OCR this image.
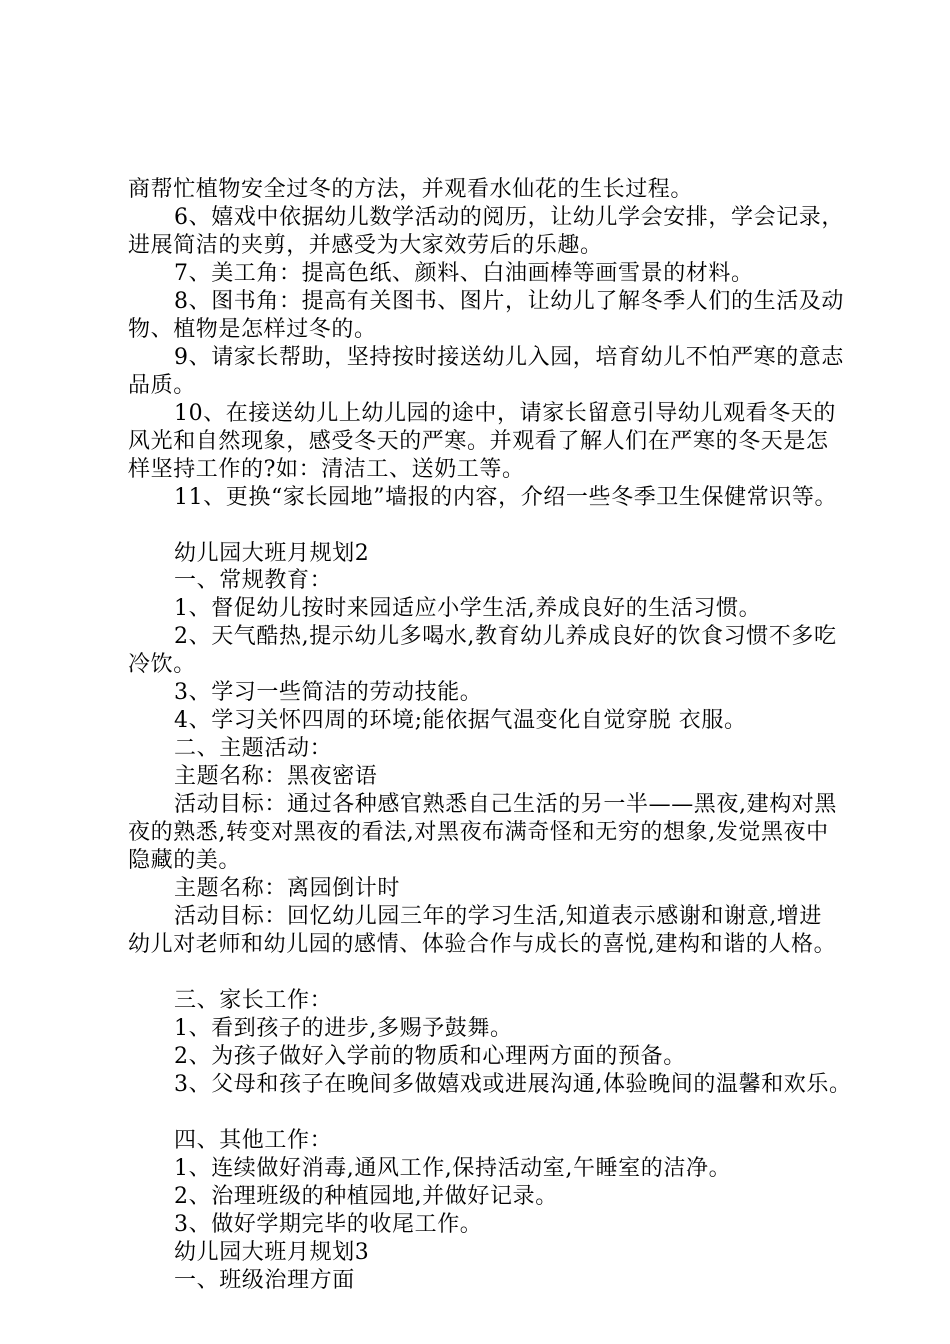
商帮忙植物安全过冬的方法，并观看水仙花的生长过程。
6、嬉戏中依据幼儿数学活动的阅历，让幼儿学会安排，学会记录，
进展简洁的夹剪，并感受为大家效劳后的乐趣。
7、美工角：提高色纸、颜料、白油画棒等画雪景的材料。
8、图书角：提高有关图书、图片，让幼儿了解冬季人们的生活及动
物、植物是怎样过冬的。
9、请家长帮助，坚持按时接送幼儿入园，培育幼儿不怕严寒的意志
品质。
10、在接送幼儿上幼儿园的途中，请家长留意引导幼儿观看冬天的
风光和自然现象，感受冬天的严寒。并观看了解人们在严寒的冬天是怎
样坚持工作的?如：清洁工、送奶工等。
11、更换“家长园地”墙报的内容，介绍一些冬季卫生保健常识等。
幼儿园大班月规划2
一、常规教育：
1、督促幼儿按时来园适应小学生活,养成良好的生活习惯。
2、天气酷热,提示幼儿多喝水,教育幼儿养成良好的饮食习惯不多吃
冷饮。
3、学习一些简洁的劳动技能。
4、学习关怀四周的环境;能依据气温变化自觉穿脱 衣服。
二、主题活动：
主题名称：黑夜密语
活动目标：通过各种感官熟悉自己生活的另一半——黑夜,建构对黑
夜的熟悉,转变对黑夜的看法,对黑夜布满奇怪和无穷的想象,发觉黑夜中
隐藏的美。
主题名称：离园倒计时
活动目标：回忆幼儿园三年的学习生活,知道表示感谢和谢意,增进
幼儿对老师和幼儿园的感情、体验合作与成长的喜悦,建构和谐的人格。
三、家长工作：
1、看到孩子的进步,多赐予鼓舞。
2、为孩子做好入学前的物质和心理两方面的预备。
3、父母和孩子在晚间多做嬉戏或进展沟通,体验晚间的温馨和欢乐。
四、其他工作：
1、连续做好消毒,通风工作,保持活动室,午睡室的洁净。
2、治理班级的种植园地,并做好记录。
3、做好学期完毕的收尾工作。
幼儿园大班月规划3
一、班级治理方面
